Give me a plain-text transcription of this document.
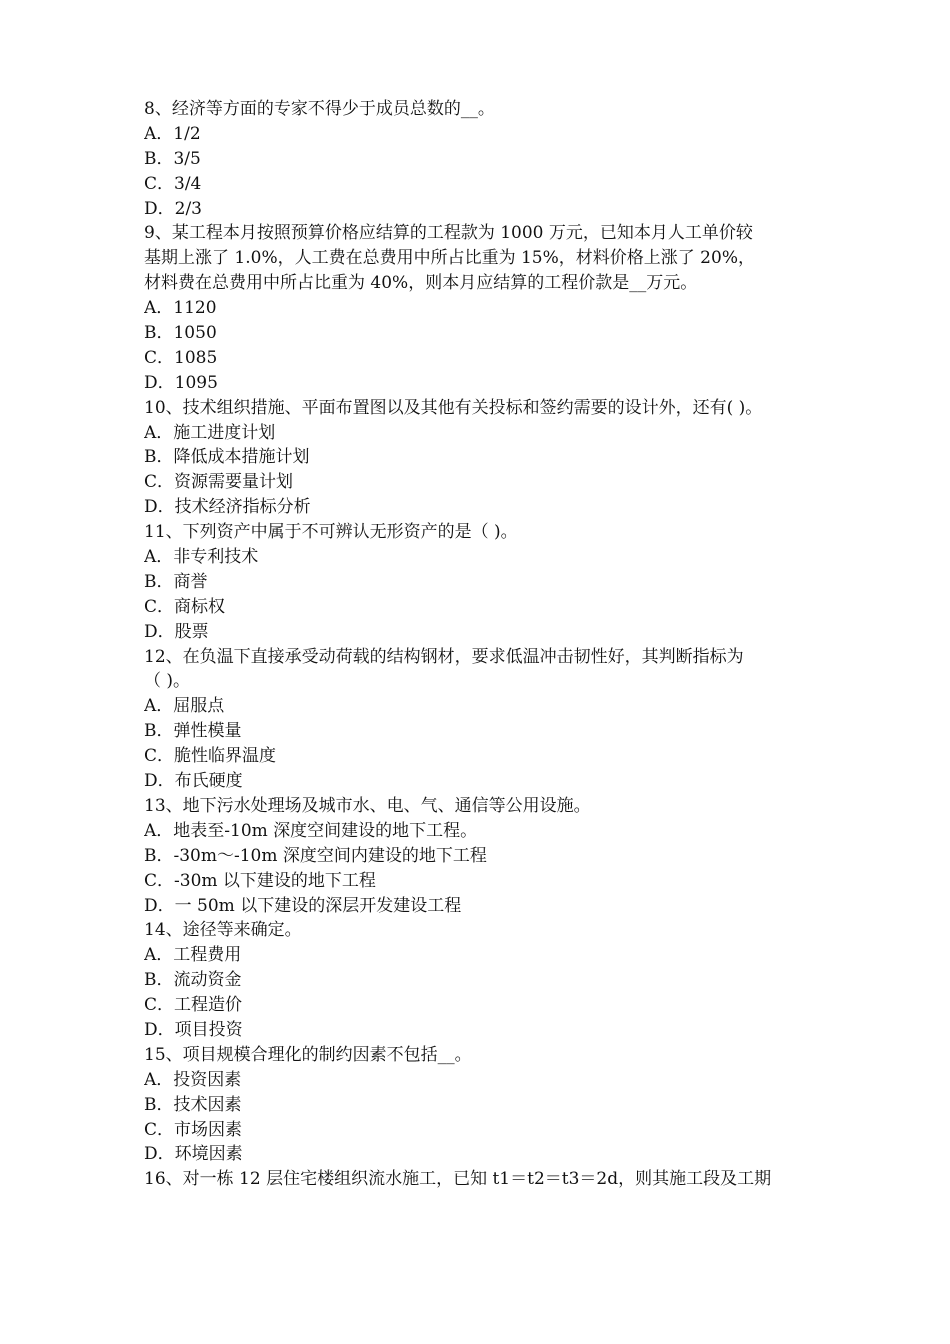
8、经济等方面的专家不得少于成员总数的__。
A．1/2
B．3/5
C．3/4
D．2/3
9、某工程本月按照预算价格应结算的工程款为 1000 万元，已知本月人工单价较
基期上涨了 1.0%，人工费在总费用中所占比重为 15%，材料价格上涨了 20%，
材料费在总费用中所占比重为 40%，则本月应结算的工程价款是__万元。
A．1120
B．1050
C．1085
D．1095
10、技术组织措施、平面布置图以及其他有关投标和签约需要的设计外，还有( )。
A．施工进度计划
B．降低成本措施计划
C．资源需要量计划
D．技术经济指标分析
11、下列资产中属于不可辨认无形资产的是（ )。
A．非专利技术
B．商誉
C．商标权
D．股票
12、在负温下直接承受动荷载的结构钢材，要求低温冲击韧性好，其判断指标为
（ )。
A．屈服点
B．弹性模量
C．脆性临界温度
D．布氏硬度
13、地下污水处理场及城市水、电、气、通信等公用设施。
A．地表至-10m 深度空间建设的地下工程。
B．-30m～-10m 深度空间内建设的地下工程
C．-30m 以下建设的地下工程
D．一 50m 以下建设的深层开发建设工程
14、途径等来确定。
A．工程费用
B．流动资金
C．工程造价
D．项目投资
15、项目规模合理化的制约因素不包括__。
A．投资因素
B．技术因素
C．市场因素
D．环境因素
16、对一栋 12 层住宅楼组织流水施工，已知 t1＝t2＝t3＝2d，则其施工段及工期
